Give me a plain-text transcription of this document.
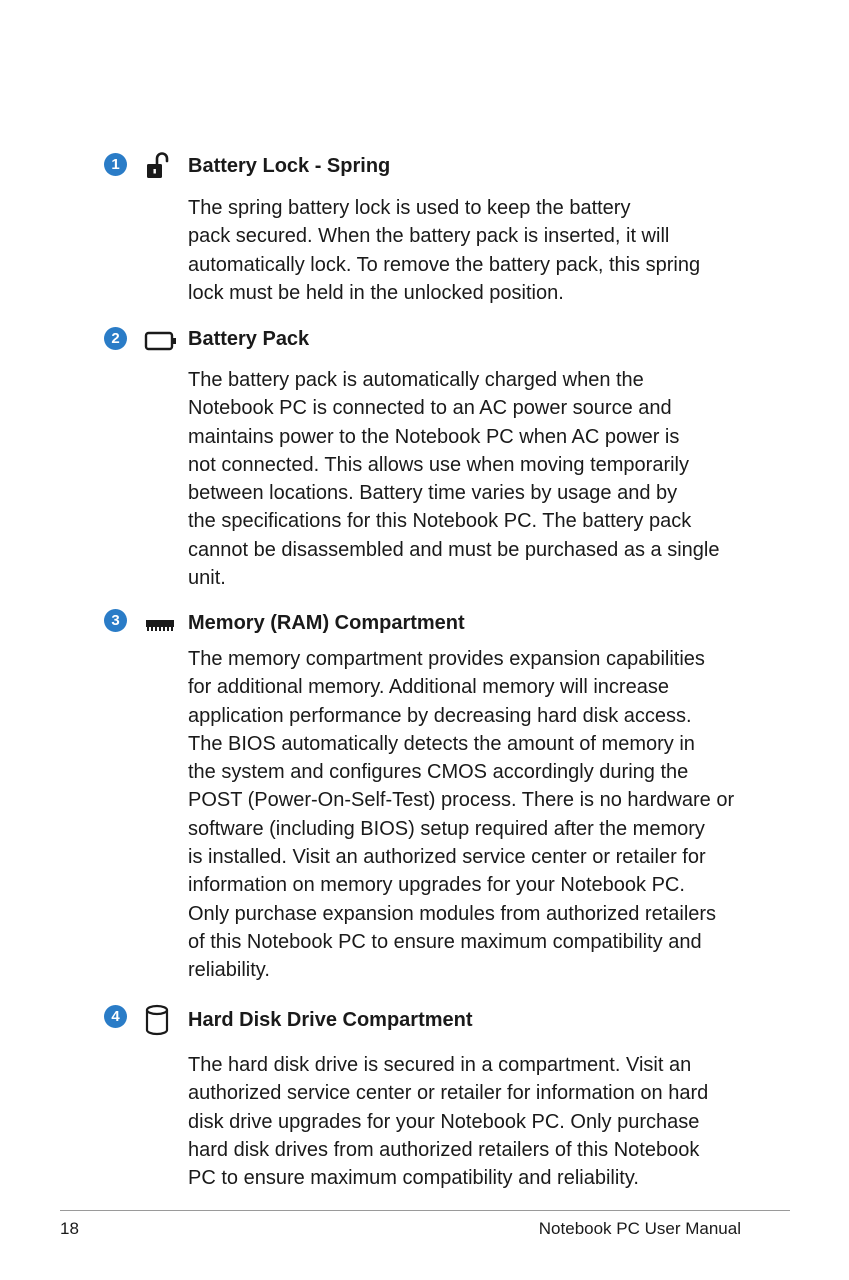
1	Battery Lock - Spring

The spring battery lock is used to keep the battery
pack secured. When the battery pack is inserted, it will
automatically lock. To remove the battery pack, this spring
lock must be held in the unlocked position.

2	Battery Pack

The battery pack is automatically charged when the
Notebook PC is connected to an AC power source and
maintains power to the Notebook PC when AC power is
not connected. This allows use when moving temporarily
between locations. Battery time varies by usage and by
the specifications for this Notebook PC. The battery pack
cannot be disassembled and must be purchased as a single
unit.

3	Memory (RAM) Compartment

The memory compartment provides expansion capabilities
for additional memory. Additional memory will increase
application performance by decreasing hard disk access.
The BIOS automatically detects the amount of memory in
the system and configures CMOS accordingly during the
POST (Power-On-Self-Test) process. There is no hardware or
software (including BIOS) setup required after the memory
is installed. Visit an authorized service center or retailer for
information on memory upgrades for your Notebook PC.
Only purchase expansion modules from authorized retailers
of this Notebook PC to ensure maximum compatibility and
reliability.

4	Hard Disk Drive Compartment

The hard disk drive is secured in a compartment. Visit an
authorized service center or retailer for information on hard
disk drive upgrades for your Notebook PC. Only purchase
hard disk drives from authorized retailers of this Notebook
PC to ensure maximum compatibility and reliability.

18	Notebook PC User Manual
